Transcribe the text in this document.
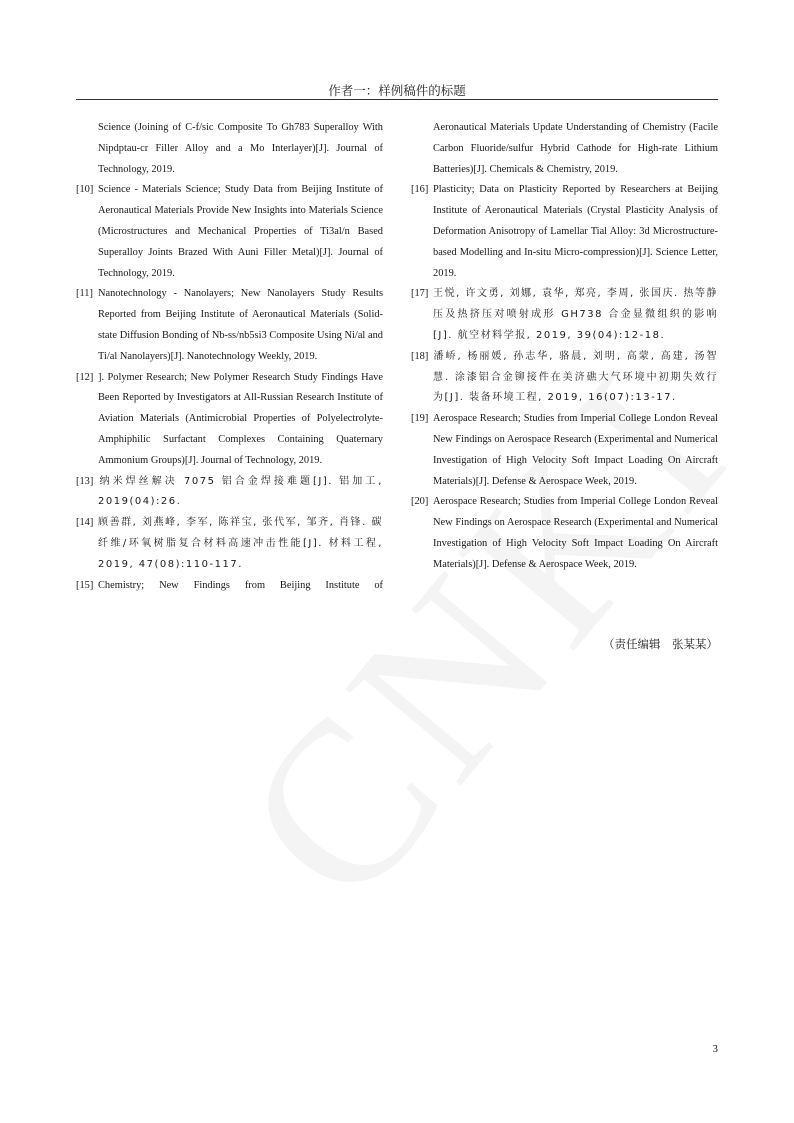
作者一：样例稿件的标题

Science (Joining of C-f/sic Composite To Gh783 Superalloy With Nipdptau-cr Filler Alloy and a Mo Interlayer)[J]. Journal of Technology, 2019.

[10] Science - Materials Science; Study Data from Beijing Institute of Aeronautical Materials Provide New Insights into Materials Science (Microstructures and Mechanical Properties of Ti3al/n Based Superalloy Joints Brazed With Auni Filler Metal)[J]. Journal of Technology, 2019.

[11] Nanotechnology - Nanolayers; New Nanolayers Study Results Reported from Beijing Institute of Aeronautical Materials (Solid-state Diffusion Bonding of Nb-ss/nb5si3 Composite Using Ni/al and Ti/al Nanolayers)[J]. Nanotechnology Weekly, 2019.

[12] ]. Polymer Research; New Polymer Research Study Findings Have Been Reported by Investigators at All-Russian Research Institute of Aviation Materials (Antimicrobial Properties of Polyelectrolyte-Amphiphilic Surfactant Complexes Containing Quaternary Ammonium Groups)[J]. Journal of Technology, 2019.

[13] 纳米焊丝解决 7075 铝合金焊接难题[J]. 铝加工, 2019(04):26.

[14] 顾善群, 刘燕峰, 李军, 陈祥宝, 张代军, 邹齐, 肖锋. 碳纤维/环氧树脂复合材料高速冲击性能[J]. 材料工程, 2019, 47(08):110-117.

[15] Chemistry; New Findings from Beijing Institute of

Aeronautical Materials Update Understanding of Chemistry (Facile Carbon Fluoride/sulfur Hybrid Cathode for High-rate Lithium Batteries)[J]. Chemicals & Chemistry, 2019.

[16] Plasticity; Data on Plasticity Reported by Researchers at Beijing Institute of Aeronautical Materials (Crystal Plasticity Analysis of Deformation Anisotropy of Lamellar Tial Alloy: 3d Microstructure-based Modelling and In-situ Micro-compression)[J]. Science Letter, 2019.

[17] 王悦, 许文勇, 刘娜, 袁华, 郑亮, 李周, 张国庆. 热等静压及热挤压对喷射成形 GH738 合金显微组织的影响[J]. 航空材料学报, 2019, 39(04):12-18.

[18] 潘峤, 杨丽媛, 孙志华, 骆晨, 刘明, 高蒙, 高建, 汤智慧. 涂漆铝合金铆接件在美济礁大气环境中初期失效行为[J]. 装备环境工程, 2019, 16(07):13-17.

[19] Aerospace Research; Studies from Imperial College London Reveal New Findings on Aerospace Research (Experimental and Numerical Investigation of High Velocity Soft Impact Loading On Aircraft Materials)[J]. Defense & Aerospace Week, 2019.

[20] Aerospace Research; Studies from Imperial College London Reveal New Findings on Aerospace Research (Experimental and Numerical Investigation of High Velocity Soft Impact Loading On Aircraft Materials)[J]. Defense & Aerospace Week, 2019.

（责任编辑　张某某）
3
